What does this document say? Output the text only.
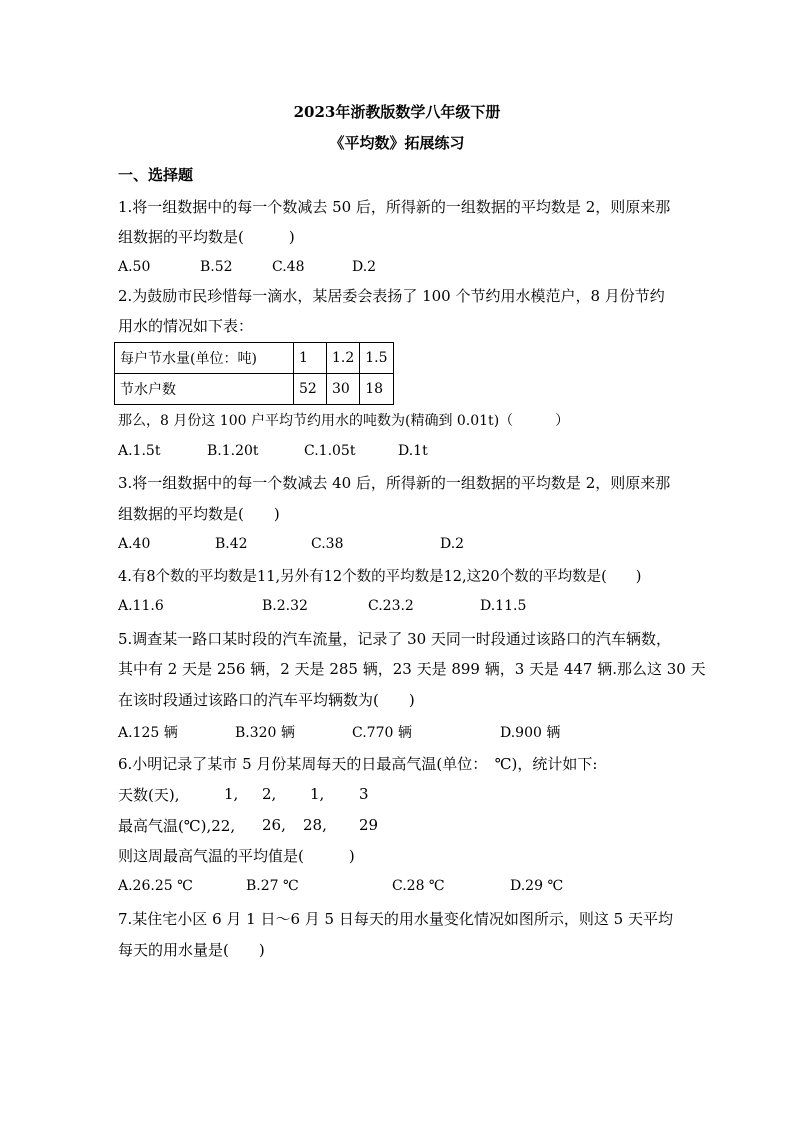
2023年浙教版数学八年级下册
《平均数》拓展练习
一、选择题
1.将一组数据中的每一个数减去 50 后，所得新的一组数据的平均数是 2，则原来那
组数据的平均数是(　　　)
A.50	B.52	C.48	D.2
2.为鼓励市民珍惜每一滴水，某居委会表扬了 100 个节约用水模范户，8 月份节约
用水的情况如下表：
每户节水量(单位：吨)	1	1.2	1.5
节水户数	52	30	18
那么，8 月份这 100 户平均节约用水的吨数为(精确到 0.01t)（　　　）
A.1.5t	B.1.20t	C.1.05t	D.1t
3.将一组数据中的每一个数减去 40 后，所得新的一组数据的平均数是 2，则原来那
组数据的平均数是(　　)
A.40	B.42	C.38	D.2
4.有8个数的平均数是11,另外有12个数的平均数是12,这20个数的平均数是(　　)
A.11.6	B.2.32	C.23.2	D.11.5
5.调查某一路口某时段的汽车流量，记录了 30 天同一时段通过该路口的汽车辆数，
其中有 2 天是 256 辆，2 天是 285 辆，23 天是 899 辆，3 天是 447 辆.那么这 30 天
在该时段通过该路口的汽车平均辆数为(　　)
A.125 辆	B.320 辆	C.770 辆	D.900 辆
6.小明记录了某市 5 月份某周每天的日最高气温(单位：　℃)，统计如下:
天数(天),	1, 2, 1, 3
最高气温(℃),22, 26, 28, 29
则这周最高气温的平均值是(　　　)
A.26.25 ℃	B.27 ℃	C.28 ℃	D.29 ℃
7.某住宅小区 6 月 1 日～6 月 5 日每天的用水量变化情况如图所示，则这 5 天平均
每天的用水量是(　　)
